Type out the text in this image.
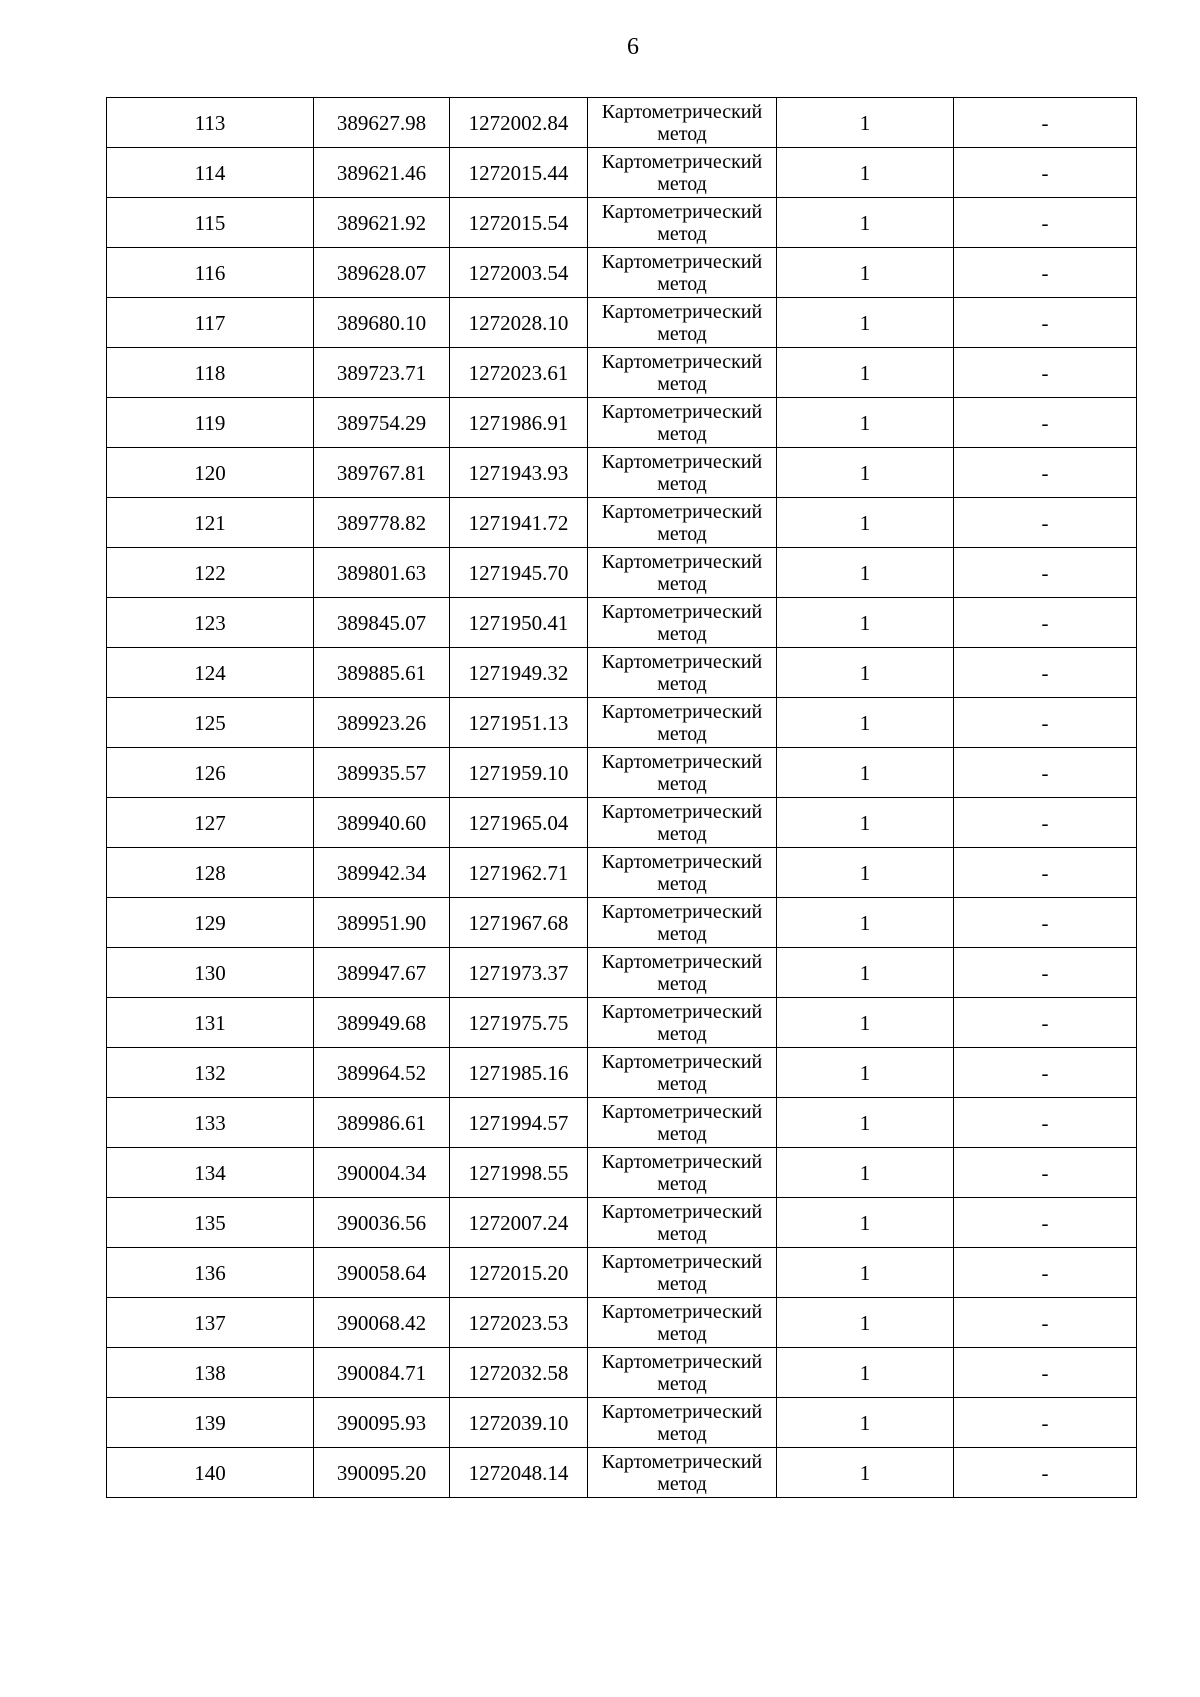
6
113	389627.98	1272002.84	Картометрический метод	1	-
114	389621.46	1272015.44	Картометрический метод	1	-
115	389621.92	1272015.54	Картометрический метод	1	-
116	389628.07	1272003.54	Картометрический метод	1	-
117	389680.10	1272028.10	Картометрический метод	1	-
118	389723.71	1272023.61	Картометрический метод	1	-
119	389754.29	1271986.91	Картометрический метод	1	-
120	389767.81	1271943.93	Картометрический метод	1	-
121	389778.82	1271941.72	Картометрический метод	1	-
122	389801.63	1271945.70	Картометрический метод	1	-
123	389845.07	1271950.41	Картометрический метод	1	-
124	389885.61	1271949.32	Картометрический метод	1	-
125	389923.26	1271951.13	Картометрический метод	1	-
126	389935.57	1271959.10	Картометрический метод	1	-
127	389940.60	1271965.04	Картометрический метод	1	-
128	389942.34	1271962.71	Картометрический метод	1	-
129	389951.90	1271967.68	Картометрический метод	1	-
130	389947.67	1271973.37	Картометрический метод	1	-
131	389949.68	1271975.75	Картометрический метод	1	-
132	389964.52	1271985.16	Картометрический метод	1	-
133	389986.61	1271994.57	Картометрический метод	1	-
134	390004.34	1271998.55	Картометрический метод	1	-
135	390036.56	1272007.24	Картометрический метод	1	-
136	390058.64	1272015.20	Картометрический метод	1	-
137	390068.42	1272023.53	Картометрический метод	1	-
138	390084.71	1272032.58	Картометрический метод	1	-
139	390095.93	1272039.10	Картометрический метод	1	-
140	390095.20	1272048.14	Картометрический метод	1	-
